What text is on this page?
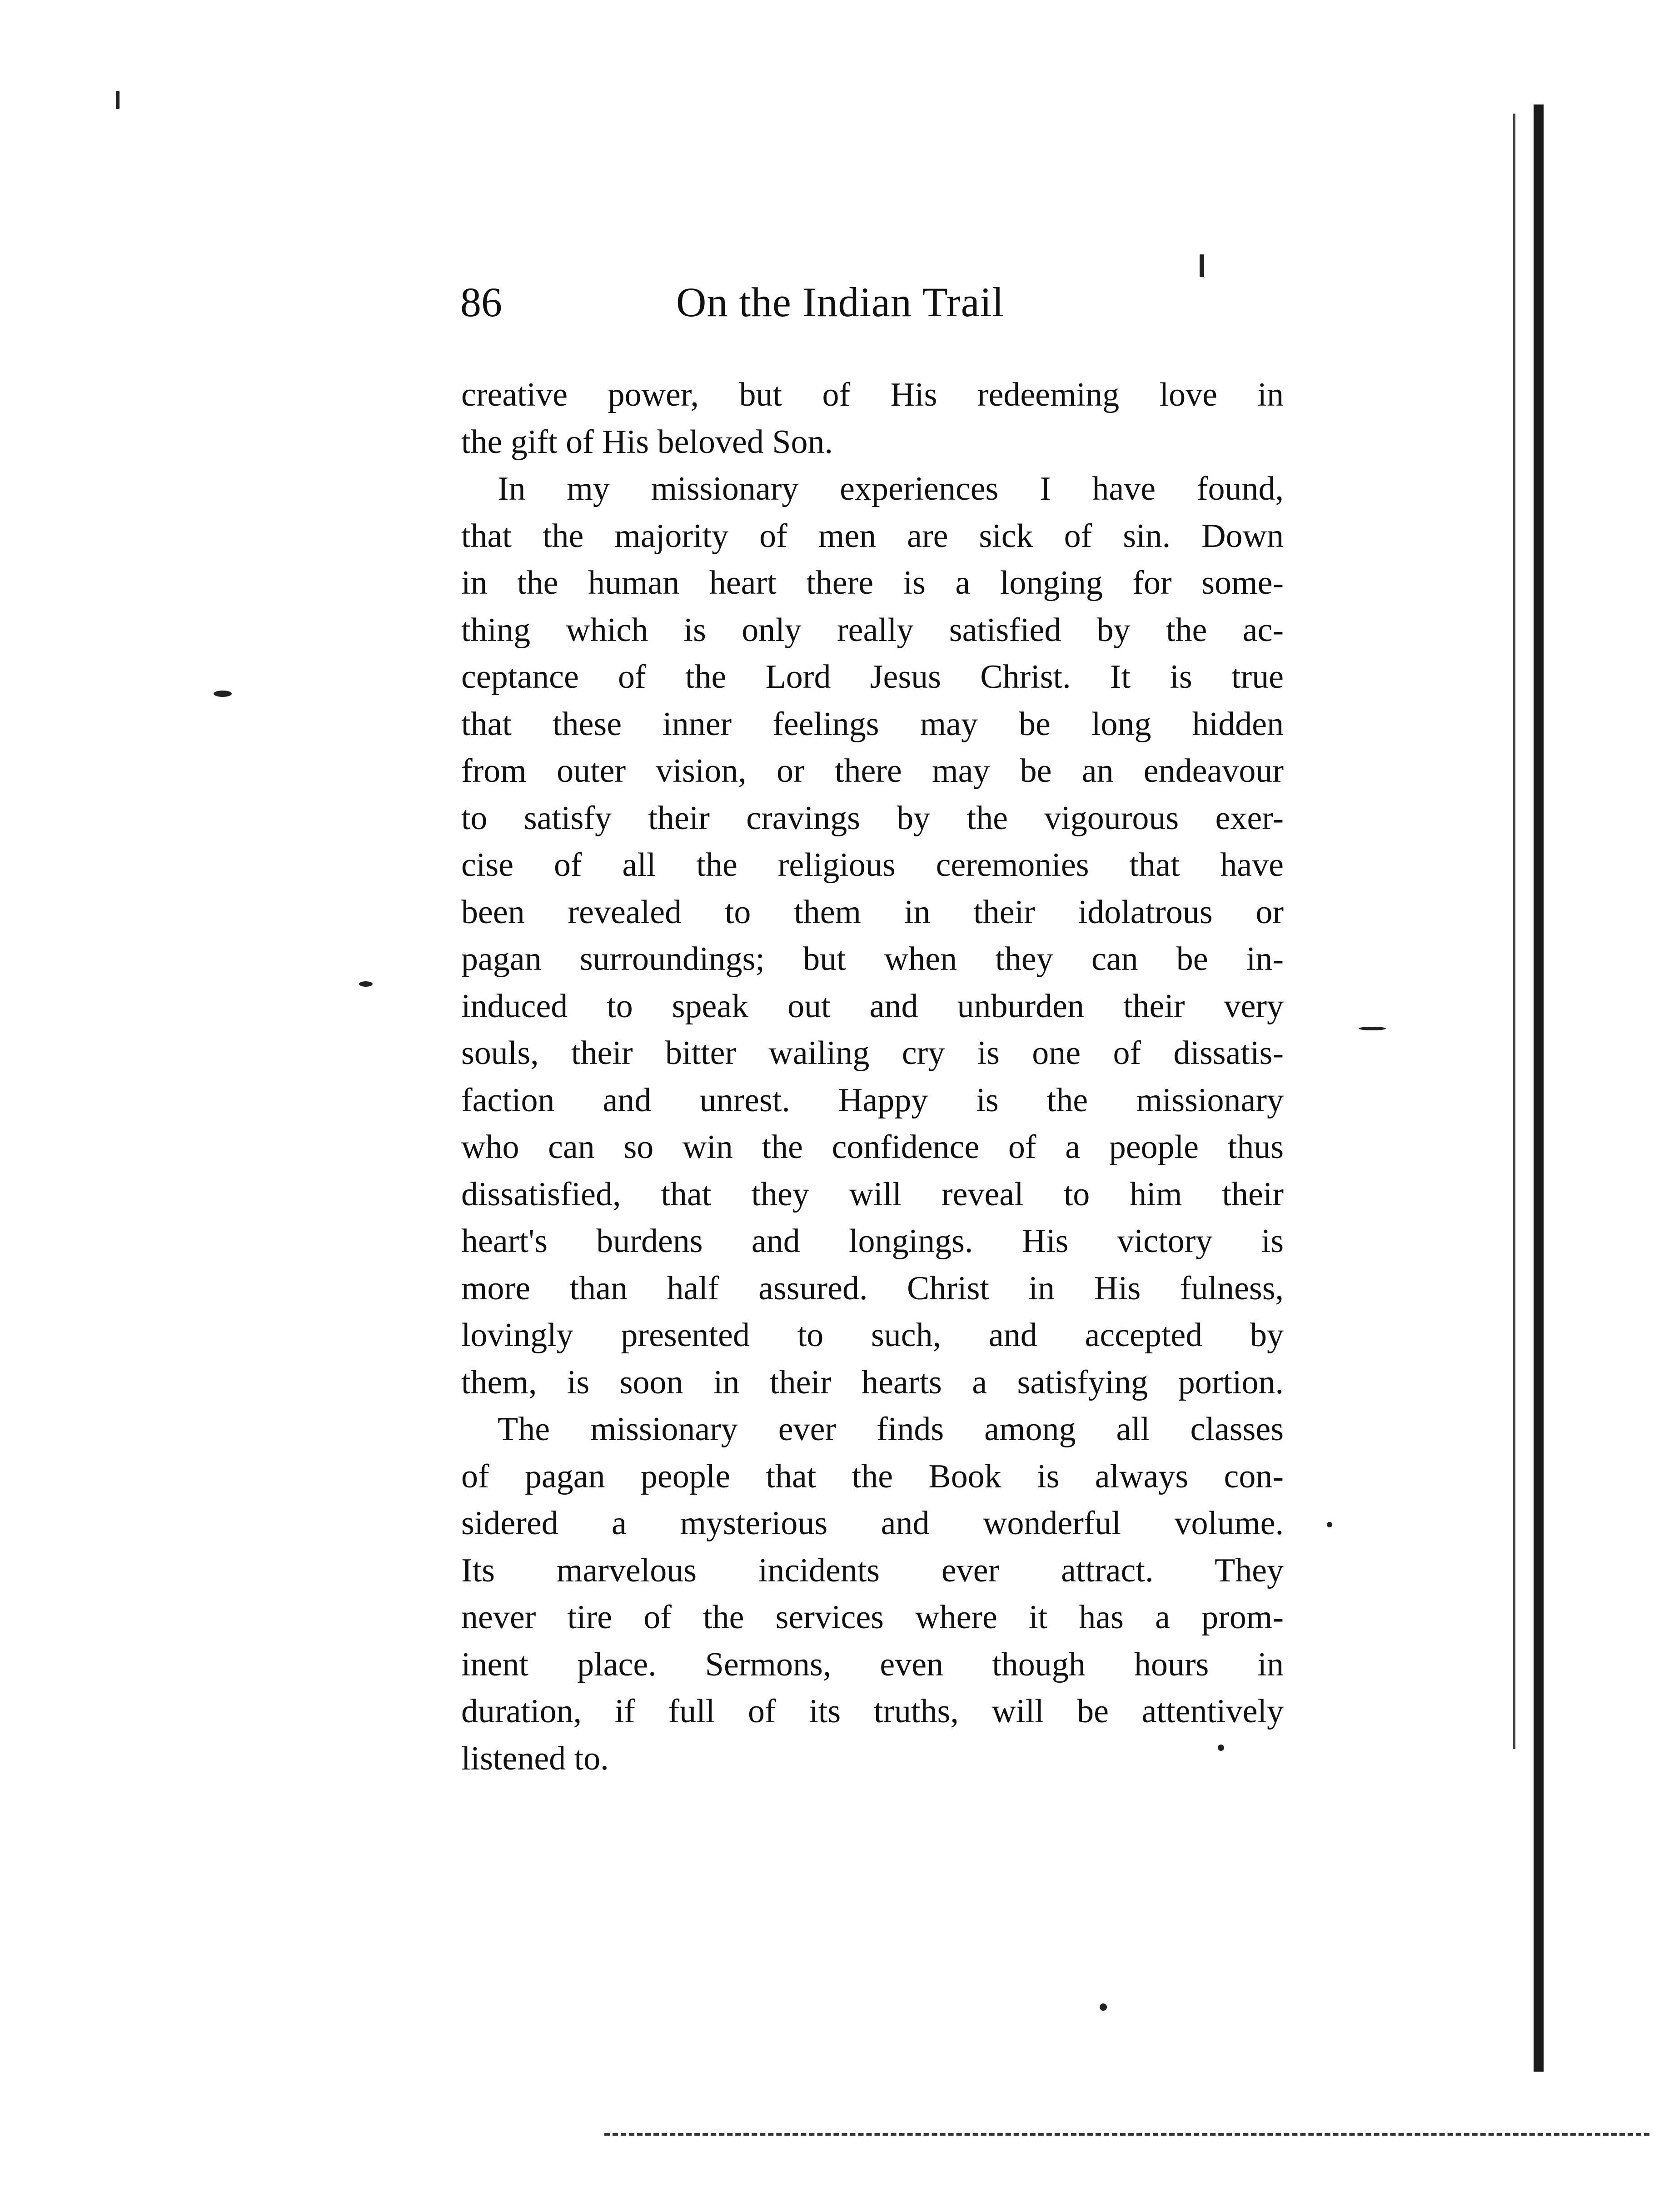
86	On the Indian Trail

creative power, but of His redeeming love in

the gift of His beloved Son.

In my missionary experiences I have found,

that the majority of men are sick of sin. Down

in the human heart there is a longing for some-

thing which is only really satisfied by the ac-

ceptance of the Lord Jesus Christ. It is true

that these inner feelings may be long hidden

from outer vision, or there may be an endeavour

to satisfy their cravings by the vigourous exer-

cise of all the religious ceremonies that have

been revealed to them in their idolatrous or

pagan surroundings; but when they can be in-

induced to speak out and unburden their very

souls, their bitter wailing cry is one of dissatis-

faction and unrest. Happy is the missionary

who can so win the confidence of a people thus

dissatisfied, that they will reveal to him their

heart's burdens and longings. His victory is

more than half assured. Christ in His fulness,

lovingly presented to such, and accepted by

them, is soon in their hearts a satisfying portion.

The missionary ever finds among all classes

of pagan people that the Book is always con-

sidered a mysterious and wonderful volume.

Its marvelous incidents ever attract. They

never tire of the services where it has a prom-

inent place. Sermons, even though hours in

duration, if full of its truths, will be attentively

listened to.
